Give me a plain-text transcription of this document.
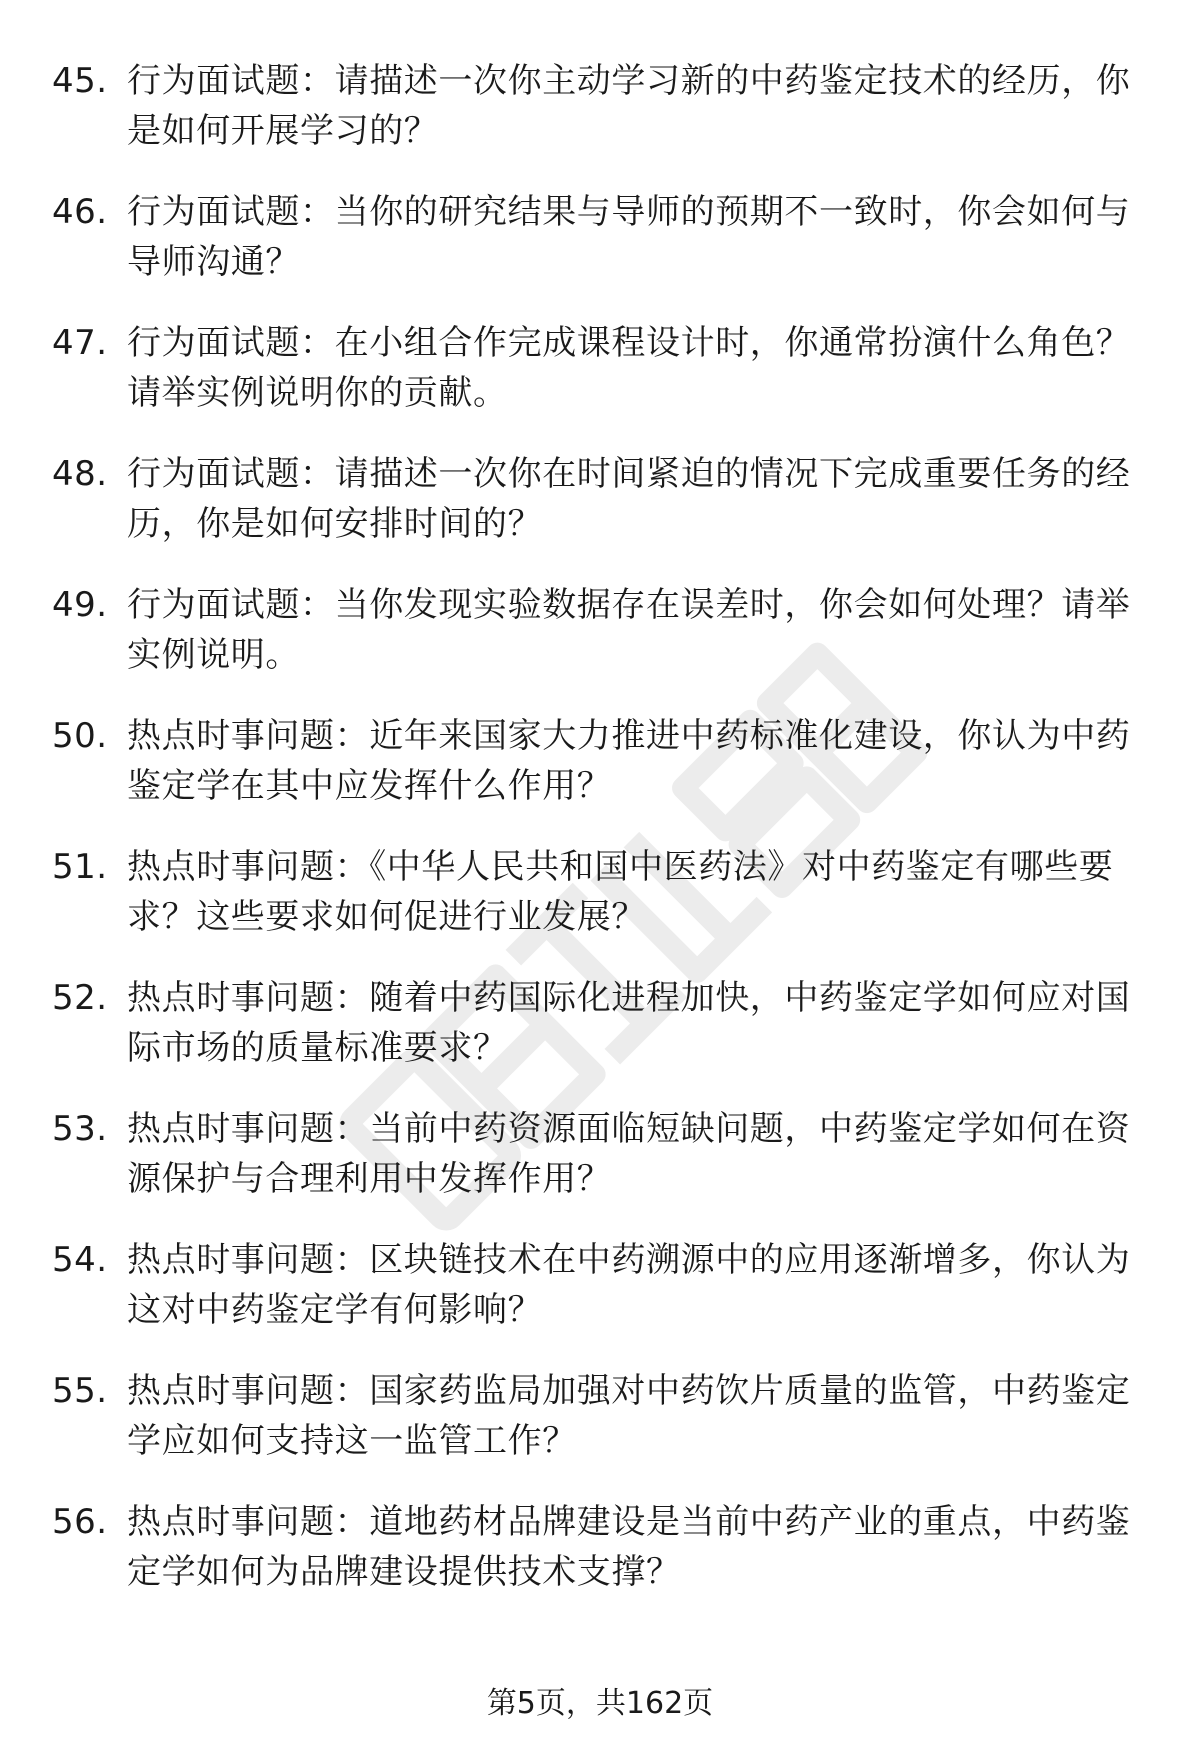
45. 行为面试题：请描述一次你主动学习新的中药鉴定技术的经历，你是如何开展学习的？
46. 行为面试题：当你的研究结果与导师的预期不一致时，你会如何与导师沟通？
47. 行为面试题：在小组合作完成课程设计时，你通常扮演什么角色？请举实例说明你的贡献。
48. 行为面试题：请描述一次你在时间紧迫的情况下完成重要任务的经历，你是如何安排时间的？
49. 行为面试题：当你发现实验数据存在误差时，你会如何处理？请举实例说明。
50. 热点时事问题：近年来国家大力推进中药标准化建设，你认为中药鉴定学在其中应发挥什么作用？
51. 热点时事问题：《中华人民共和国中医药法》对中药鉴定有哪些要求？这些要求如何促进行业发展？
52. 热点时事问题：随着中药国际化进程加快，中药鉴定学如何应对国际市场的质量标准要求？
53. 热点时事问题：当前中药资源面临短缺问题，中药鉴定学如何在资源保护与合理利用中发挥作用？
54. 热点时事问题：区块链技术在中药溯源中的应用逐渐增多，你认为这对中药鉴定学有何影响？
55. 热点时事问题：国家药监局加强对中药饮片质量的监管，中药鉴定学应如何支持这一监管工作？
56. 热点时事问题：道地药材品牌建设是当前中药产业的重点，中药鉴定学如何为品牌建设提供技术支撑？
第5页，共162页
